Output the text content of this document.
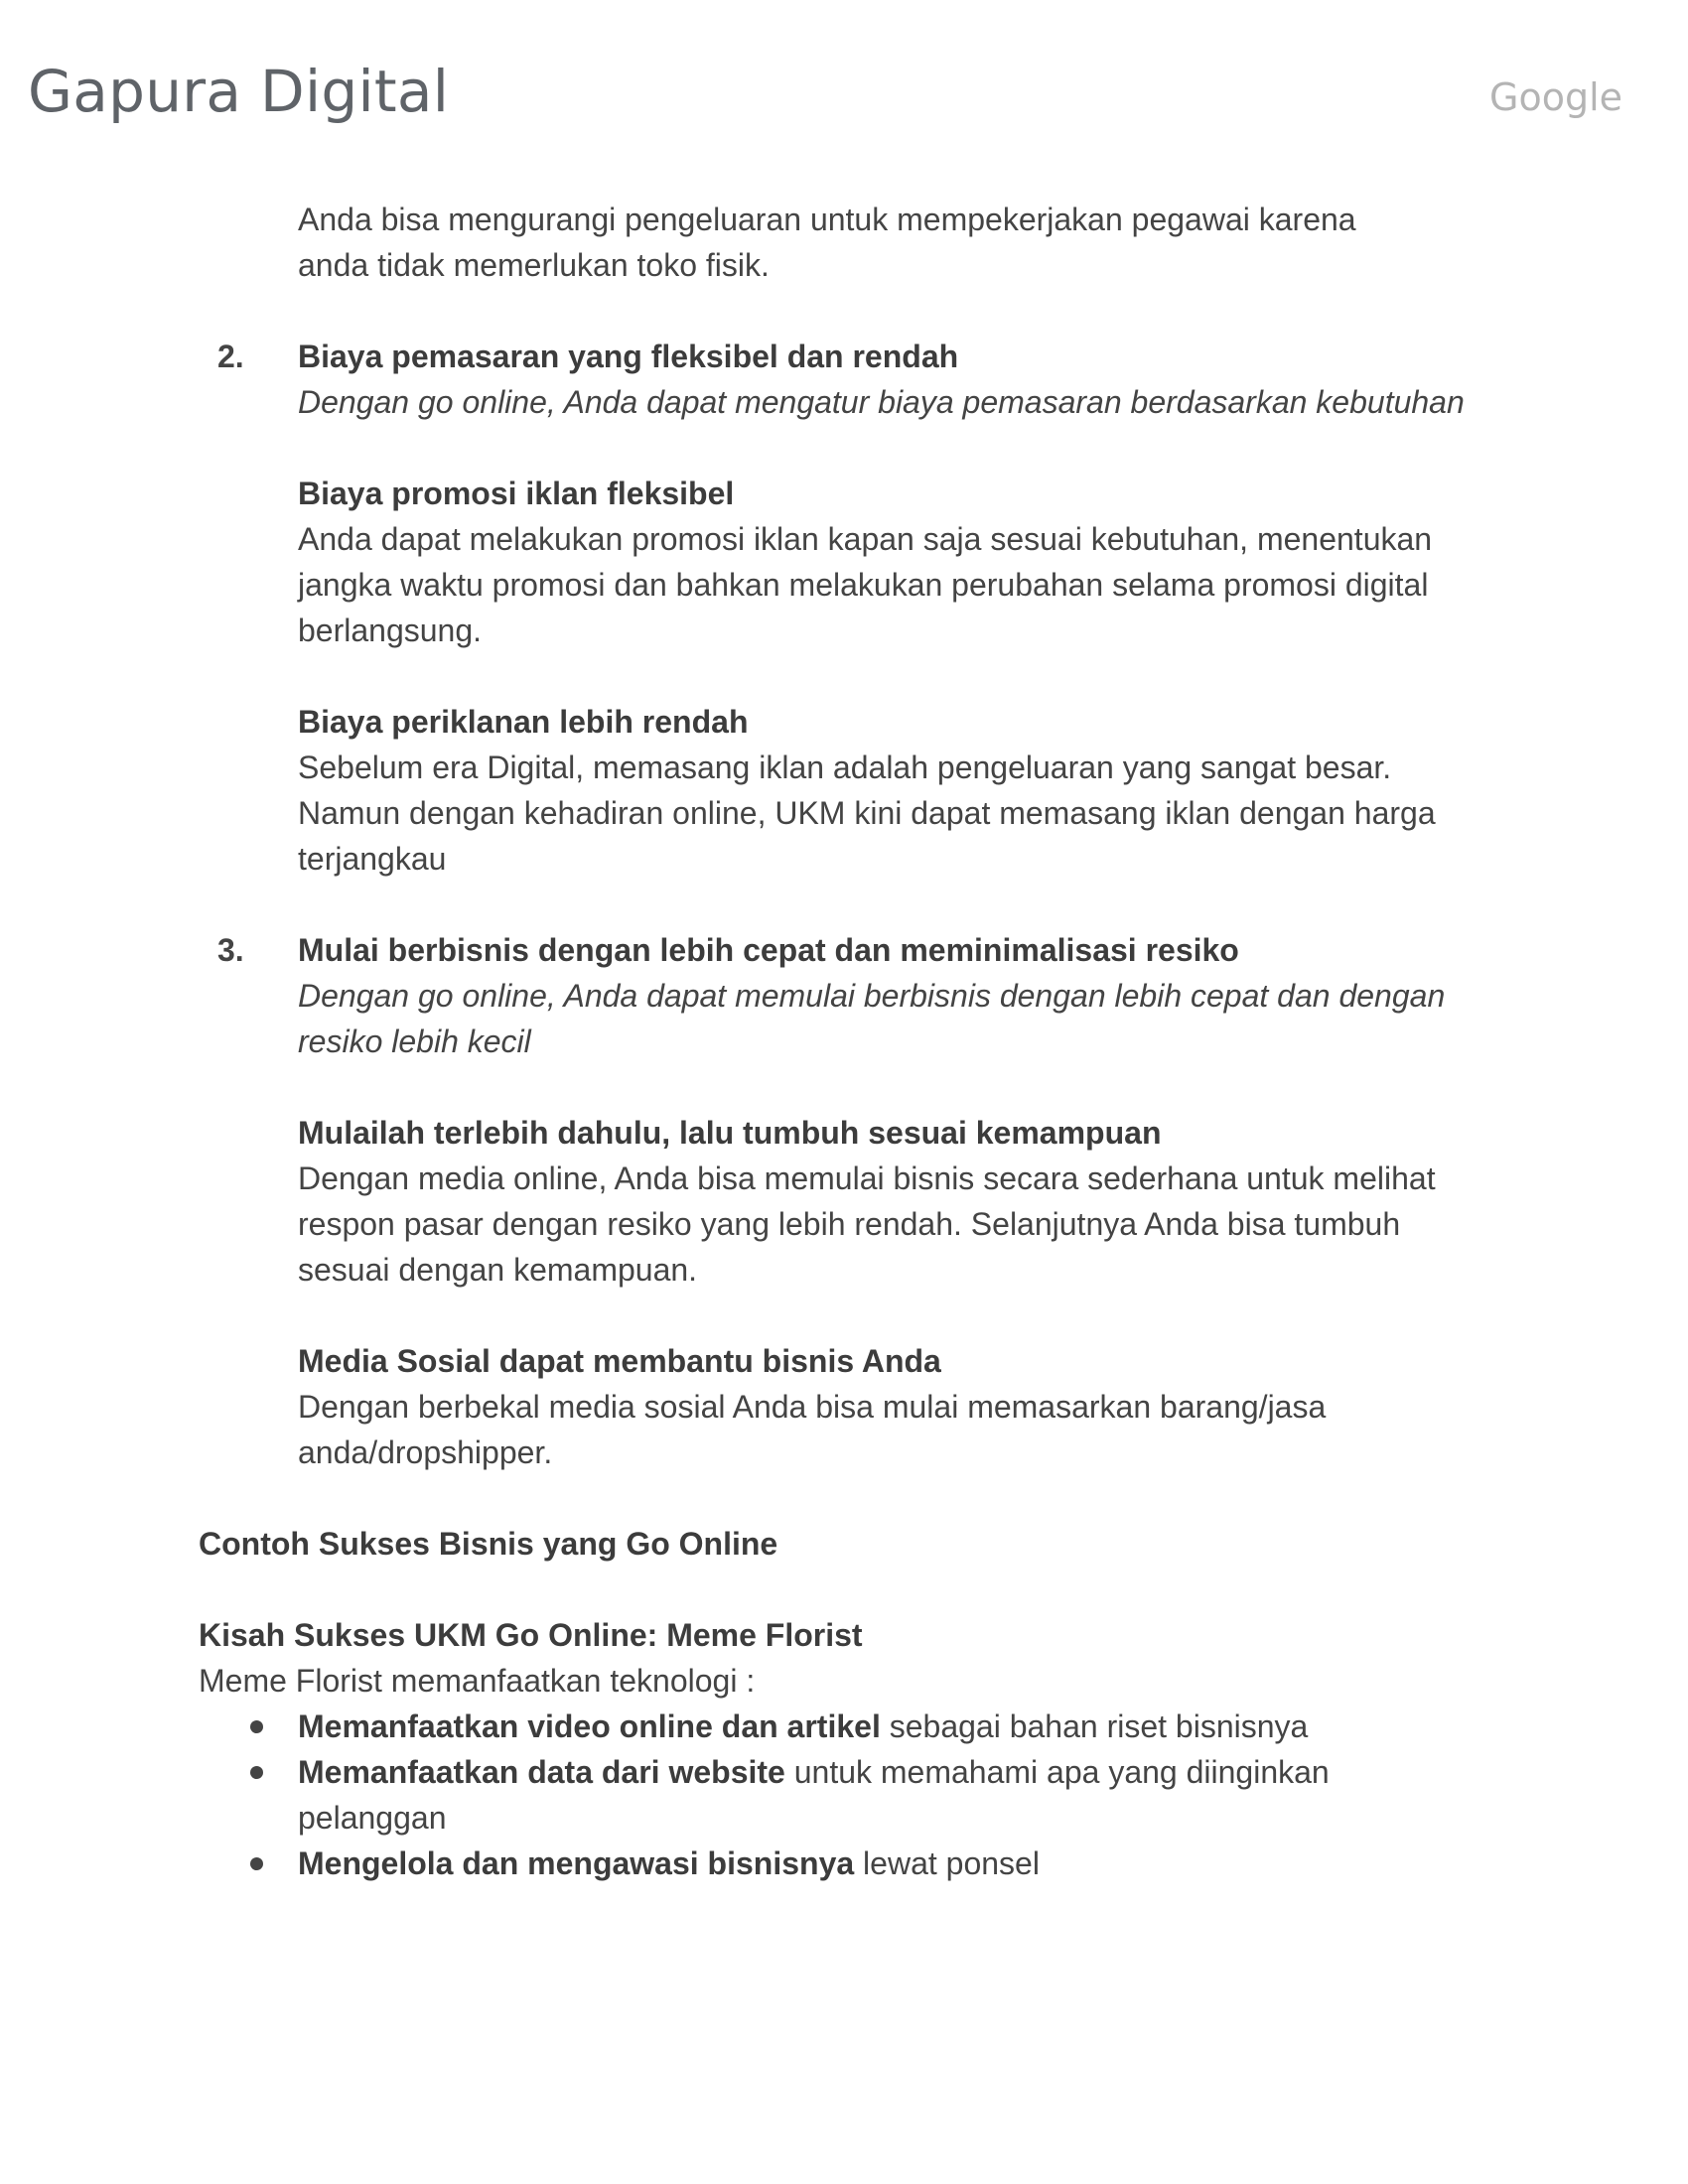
Gapura Digital	Google
Anda bisa mengurangi pengeluaran untuk mempekerjakan pegawai karena
anda tidak memerlukan toko fisik.
2. Biaya pemasaran yang fleksibel dan rendah
Dengan go online, Anda dapat mengatur biaya pemasaran berdasarkan kebutuhan
Biaya promosi iklan fleksibel
Anda dapat melakukan promosi iklan kapan saja sesuai kebutuhan, menentukan
jangka waktu promosi dan bahkan melakukan perubahan selama promosi digital
berlangsung.
Biaya periklanan lebih rendah
Sebelum era Digital, memasang iklan adalah pengeluaran yang sangat besar.
Namun dengan kehadiran online, UKM kini dapat memasang iklan dengan harga
terjangkau
3. Mulai berbisnis dengan lebih cepat dan meminimalisasi resiko
Dengan go online, Anda dapat memulai berbisnis dengan lebih cepat dan dengan
resiko lebih kecil
Mulailah terlebih dahulu, lalu tumbuh sesuai kemampuan
Dengan media online, Anda bisa memulai bisnis secara sederhana untuk melihat
respon pasar dengan resiko yang lebih rendah. Selanjutnya Anda bisa tumbuh
sesuai dengan kemampuan.
Media Sosial dapat membantu bisnis Anda
Dengan berbekal media sosial Anda bisa mulai memasarkan barang/jasa
anda/dropshipper.
Contoh Sukses Bisnis yang Go Online
Kisah Sukses UKM Go Online: Meme Florist
Meme Florist memanfaatkan teknologi :
Memanfaatkan video online dan artikel sebagai bahan riset bisnisnya
Memanfaatkan data dari website untuk memahami apa yang diinginkan
pelanggan
Mengelola dan mengawasi bisnisnya lewat ponsel
